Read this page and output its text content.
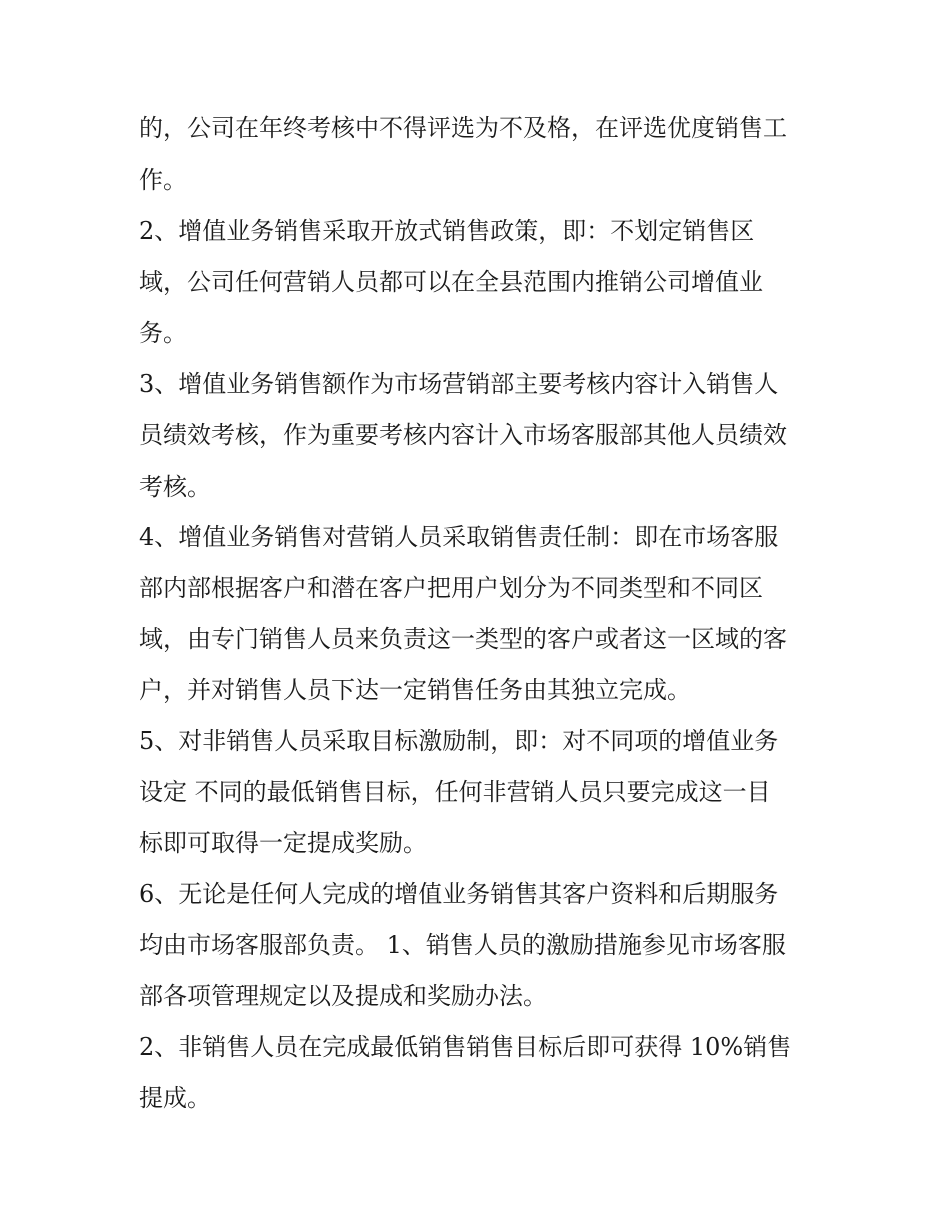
的，公司在年终考核中不得评选为不及格，在评选优度销售工
作。
2、增值业务销售采取开放式销售政策，即：不划定销售区
域，公司任何营销人员都可以在全县范围内推销公司增值业
务。
3、增值业务销售额作为市场营销部主要考核内容计入销售人
员绩效考核，作为重要考核内容计入市场客服部其他人员绩效
考核。
4、增值业务销售对营销人员采取销售责任制：即在市场客服
部内部根据客户和潜在客户把用户划分为不同类型和不同区
域，由专门销售人员来负责这一类型的客户或者这一区域的客
户，并对销售人员下达一定销售任务由其独立完成。
5、对非销售人员采取目标激励制，即：对不同项的增值业务
设定 不同的最低销售目标，任何非营销人员只要完成这一目
标即可取得一定提成奖励。
6、无论是任何人完成的增值业务销售其客户资料和后期服务
均由市场客服部负责。 1、销售人员的激励措施参见市场客服
部各项管理规定以及提成和奖励办法。
2、非销售人员在完成最低销售销售目标后即可获得 10%销售
提成。
